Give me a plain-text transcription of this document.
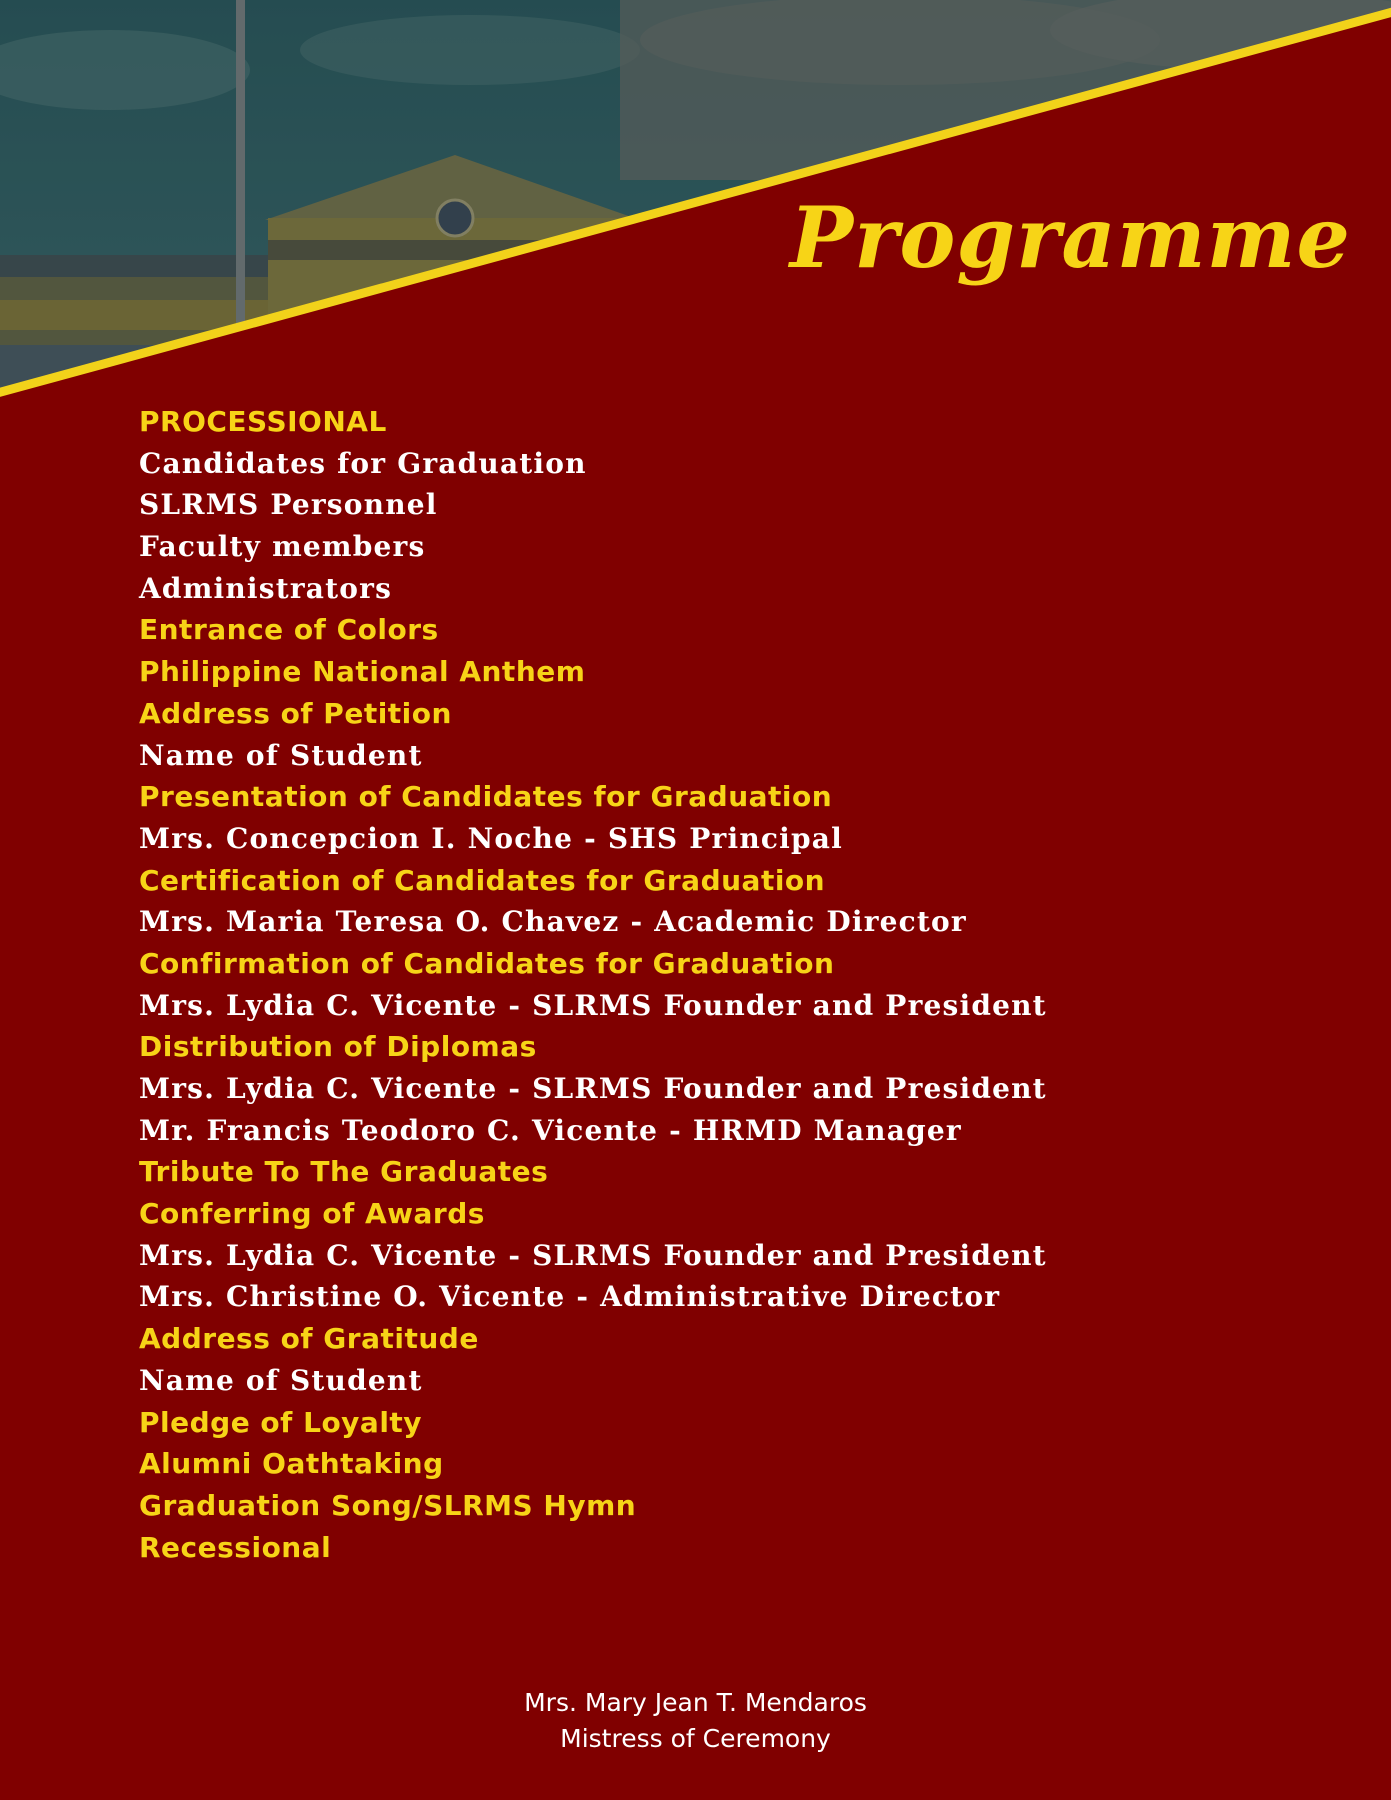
Programme
PROCESSIONAL
Candidates for Graduation
SLRMS Personnel
Faculty members
Administrators
Entrance of Colors
Philippine National Anthem
Address of Petition
Name of Student
Presentation of Candidates for Graduation
Mrs. Concepcion I. Noche - SHS Principal
Certification of Candidates for Graduation
Mrs. Maria Teresa O. Chavez - Academic Director
Confirmation of Candidates for Graduation
Mrs. Lydia C. Vicente - SLRMS Founder and President
Distribution of Diplomas
Mrs. Lydia C. Vicente - SLRMS Founder and President
Mr. Francis Teodoro C. Vicente - HRMD Manager
Tribute To The Graduates
Conferring of Awards
Mrs. Lydia C. Vicente - SLRMS Founder and President
Mrs. Christine O. Vicente - Administrative Director
Address of Gratitude
Name of Student
Pledge of Loyalty
Alumni Oathtaking
Graduation Song/SLRMS Hymn
Recessional
Mrs. Mary Jean T. Mendaros
Mistress of Ceremony
